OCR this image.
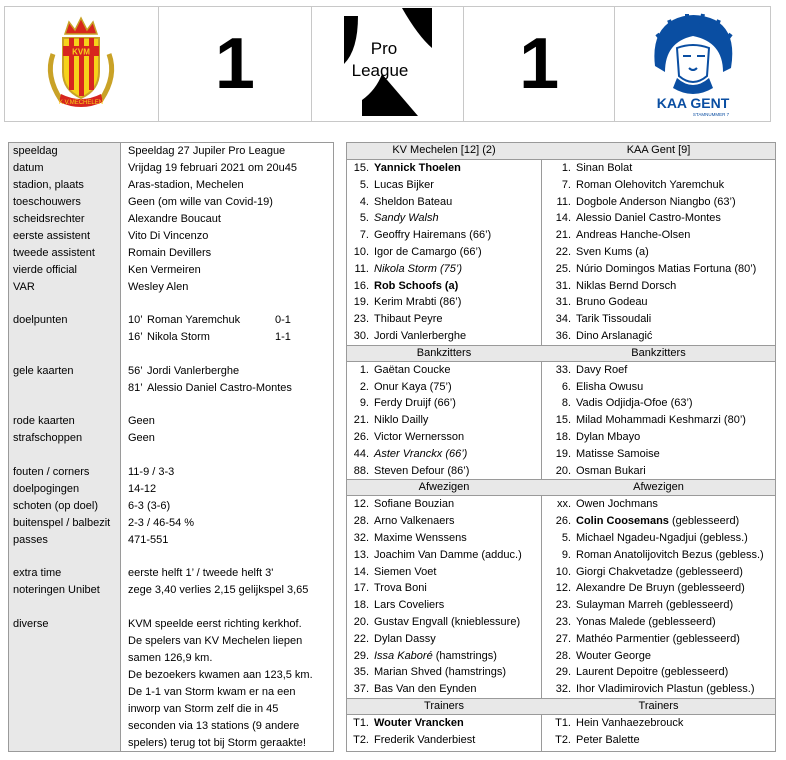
KVM
K.V.MECHELEN 1	Pro
League 1	KAA GENT
STAMNUMMER 7
speeldag	Speeldag 27 Jupiler Pro League
datum	Vrijdag 19 februari 2021 om 20u45
stadion, plaats	Aras-stadion, Mechelen
toeschouwers	Geen (om wille van Covid-19)
scheidsrechter	Alexandre Boucaut
eerste assistent	Vito Di Vincenzo
tweede assistent	Romain Devillers
vierde official	Ken Vermeiren
VAR	Wesley Alen
doelpunten	10’ Roman Yaremchuk	0-1
16’ Nikola Storm	1-1
gele kaarten	56’ Jordi Vanlerberghe
81’ Alessio Daniel Castro-Montes
rode kaarten	Geen
strafschoppen	Geen
fouten / corners	11-9 / 3-3
doelpogingen	14-12
schoten (op doel)	6-3 (3-6)
buitenspel / balbezit 2-3 / 46-54 %
passes	471-551
extra time	eerste helft 1’ / tweede helft 3'
noteringen Unibet	zege 3,40 verlies 2,15 gelijkspel 3,65
diverse	KVM speelde eerst richting kerkhof.
De spelers van KV Mechelen liepen
samen 126,9 km.
De bezoekers kwamen aan 123,5 km.
De 1-1 van Storm kwam er na een
inworp van Storm zelf die in 45
seconden via 13 stations (9 andere
spelers) terug tot bij Storm geraakte!
KV Mechelen [12] (2)	KAA Gent [9]
15. Yannick Thoelen	1. Sinan Bolat
5. Lucas Bijker	7. Roman Olehovitch Yaremchuk
4. Sheldon Bateau	11. Dogbole Anderson Niangbo (63’)
5. Sandy Walsh	14. Alessio Daniel Castro-Montes
7. Geoffry Hairemans (66’)	21. Andreas Hanche-Olsen
10. Igor de Camargo (66’)	22. Sven Kums (a)
11. Nikola Storm (75’)	25. Núrio Domingos Matias Fortuna (80’)
16. Rob Schoofs (a)	31. Niklas Bernd Dorsch
19. Kerim Mrabti (86’)	31. Bruno Godeau
23. Thibaut Peyre	34. Tarik Tissoudali
30. Jordi Vanlerberghe	36. Dino Arslanagić
Bankzitters	Bankzitters
1. Gaëtan Coucke	33. Davy Roef
2. Onur Kaya (75’)	6. Elisha Owusu
9. Ferdy Druijf (66’)	8. Vadis Odjidja-Ofoe (63’)
21. Niklo Dailly	15. Milad Mohammadi Keshmarzi (80’)
26. Victor Wernersson	18. Dylan Mbayo
44. Aster Vranckx (66’)	19. Matisse Samoise
88. Steven Defour (86’)	20. Osman Bukari
Afwezigen	Afwezigen
12. Sofiane Bouzian	xx. Owen Jochmans
28. Arno Valkenaers	26. Colin Coosemans (geblesseerd)
32. Maxime Wenssens	5. Michael Ngadeu-Ngadjui (gebless.)
13. Joachim Van Damme (adduc.)	9. Roman Anatolijovitch Bezus (gebless.)
14. Siemen Voet	10. Giorgi Chakvetadze (geblesseerd)
17. Trova Boni	12. Alexandre De Bruyn (geblesseerd)
18. Lars Coveliers	23. Sulayman Marreh (geblesseerd)
20. Gustav Engvall (knieblessure)	23. Yonas Malede (geblesseerd)
22. Dylan Dassy	27. Mathéo Parmentier (geblesseerd)
29. Issa Kaboré (hamstrings)	28. Wouter George
35. Marian Shved (hamstrings)	29. Laurent Depoitre (geblesseerd)
37. Bas Van den Eynden	32. Ihor Vladimirovich Plastun (gebless.)
Trainers	Trainers
T1. Wouter Vrancken	T1. Hein Vanhaezebrouck
T2. Frederik Vanderbiest	T2. Peter Balette
